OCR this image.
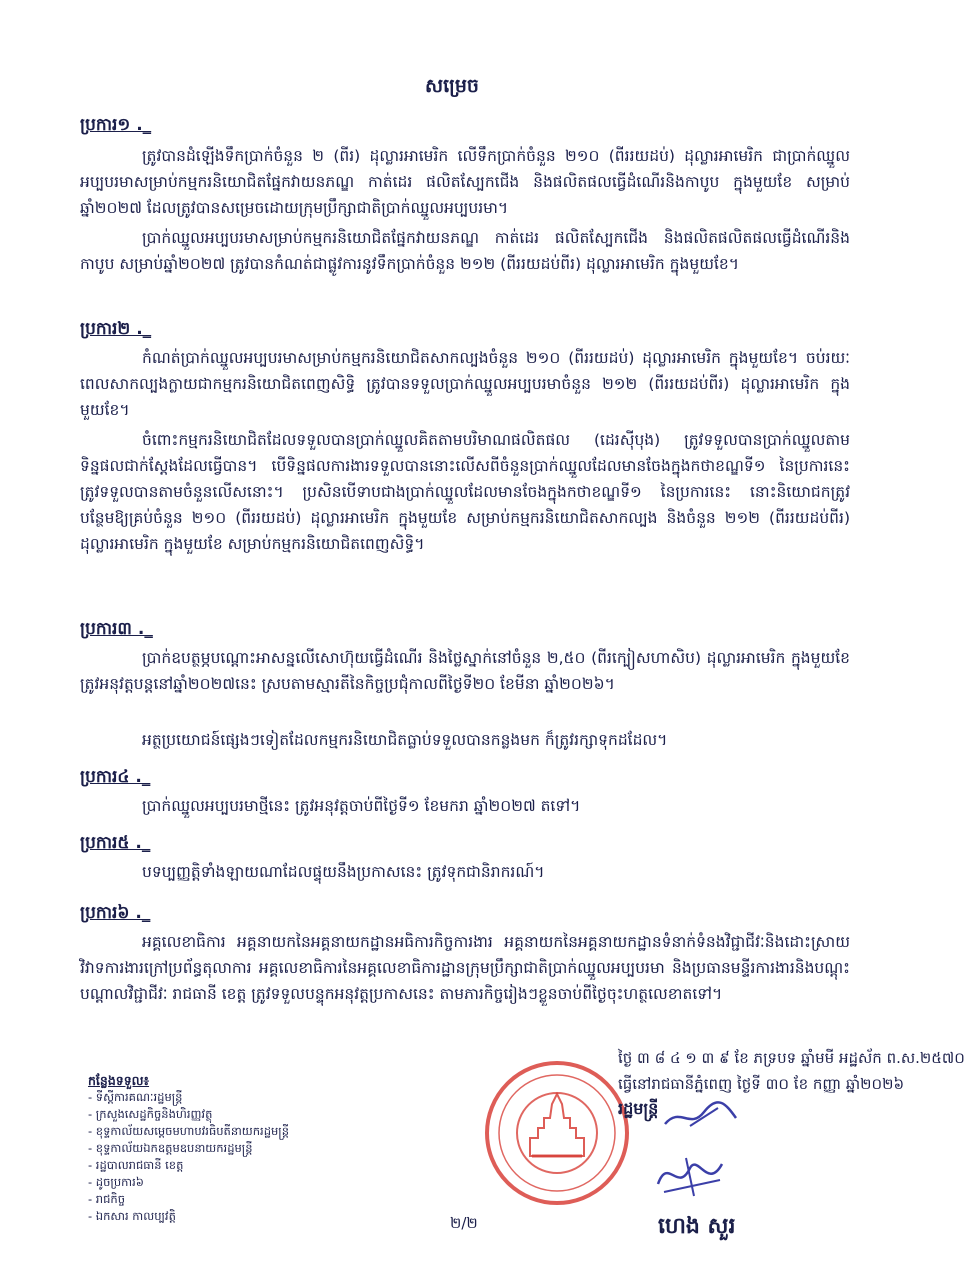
សម្រេច
ប្រការ១ ._

ត្រូវបានដំឡើងទឹកប្រាក់ចំនួន ២ (ពីរ) ដុល្លារអាមេរិក លើទឹកប្រាក់ចំនួន ២១០ (ពីររយដប់) ដុល្លារអាមេរិក ជាប្រាក់ឈ្នួលអប្បបរមាសម្រាប់កម្មករនិយោជិតផ្នែកវាយនភណ្ឌ កាត់ដេរ ផលិតស្បែកជើង និងផលិតផលធ្វើដំណើរនិងកាបូប ក្នុងមួយខែ សម្រាប់ឆ្នាំ២០២៧ ដែលត្រូវបានសម្រេចដោយក្រុមប្រឹក្សាជាតិប្រាក់ឈ្នួលអប្បបរមា។

ប្រាក់ឈ្នួលអប្បបរមាសម្រាប់កម្មករនិយោជិតផ្នែកវាយនភណ្ឌ កាត់ដេរ ផលិតស្បែកជើង និងផលិតផលិតផលធ្វើដំណើរនិងកាបូប សម្រាប់ឆ្នាំ២០២៧ ត្រូវបានកំណត់ជាផ្លូវការនូវទឹកប្រាក់ចំនួន ២១២ (ពីររយដប់ពីរ) ដុល្លារអាមេរិក ក្នុងមួយខែ។

ប្រការ២ ._

កំណត់ប្រាក់ឈ្នួលអប្បបរមាសម្រាប់កម្មករនិយោជិតសាកល្បងចំនួន ២១០ (ពីររយដប់) ដុល្លារអាមេរិក ក្នុងមួយខែ។ ចប់រយៈពេលសាកល្បងក្លាយជាកម្មករនិយោជិតពេញសិទ្ធិ ត្រូវបានទទួលប្រាក់ឈ្នួលអប្បបរមាចំនួន ២១២ (ពីររយដប់ពីរ) ដុល្លារអាមេរិក ក្នុងមួយខែ។

ចំពោះកម្មករនិយោជិតដែលទទួលបានប្រាក់ឈ្នួលគិតតាមបរិមាណផលិតផល (ដេរស៊ីបុង) ត្រូវទទួលបានប្រាក់ឈ្នួលតាមទិន្នផលជាក់ស្តែងដែលធ្វើបាន។ បើទិន្នផលការងារទទួលបាននោះលើសពីចំនួនប្រាក់ឈ្នួលដែលមានចែងក្នុងកថាខណ្ឌទី១ នៃប្រការនេះ ត្រូវទទួលបានតាមចំនួនលើសនោះ។ ប្រសិនបើទាបជាងប្រាក់ឈ្នួលដែលមានចែងក្នុងកថាខណ្ឌទី១ នៃប្រការនេះ នោះនិយោជកត្រូវបន្ថែមឱ្យគ្រប់ចំនួន ២១០ (ពីររយដប់) ដុល្លារអាមេរិក ក្នុងមួយខែ សម្រាប់កម្មករនិយោជិតសាកល្បង និងចំនួន ២១២ (ពីររយដប់ពីរ) ដុល្លារអាមេរិក ក្នុងមួយខែ សម្រាប់កម្មករនិយោជិតពេញសិទ្ធិ។

ប្រការ៣ ._

ប្រាក់ឧបត្ថម្ភបណ្ដោះអាសន្នលើសោហ៊ុយធ្វើដំណើរ និងថ្លៃស្នាក់នៅចំនួន ២,៥០ (ពីរក្បៀសហាសិប) ដុល្លារអាមេរិក ក្នុងមួយខែ ត្រូវអនុវត្តបន្តនៅឆ្នាំ២០២៧នេះ ស្របតាមស្មារតីនៃកិច្ចប្រជុំកាលពីថ្ងៃទី២០ ខែមីនា ឆ្នាំ២០២៦។

អត្ថប្រយោជន៍ផ្សេងៗទៀតដែលកម្មករនិយោជិតធ្លាប់ទទួលបានកន្លងមក ក៏ត្រូវរក្សាទុកដដែល។

ប្រការ៤ ._

ប្រាក់ឈ្នួលអប្បបរមាថ្មីនេះ ត្រូវអនុវត្តចាប់ពីថ្ងៃទី១ ខែមករា ឆ្នាំ២០២៧ តទៅ។

ប្រការ៥ ._

បទប្បញ្ញត្តិទាំងឡាយណាដែលផ្ទុយនឹងប្រកាសនេះ ត្រូវទុកជានិរាករណ៍។

ប្រការ៦ ._

អគ្គលេខាធិការ អគ្គនាយកនៃអគ្គនាយកដ្ឋានអធិការកិច្ចការងារ អគ្គនាយកនៃអគ្គនាយកដ្ឋានទំនាក់ទំនងវិជ្ជាជីវៈនិងដោះស្រាយវិវាទការងារក្រៅប្រព័ន្ធតុលាការ អគ្គលេខាធិការនៃអគ្គលេខាធិការដ្ឋានក្រុមប្រឹក្សាជាតិប្រាក់ឈ្នួលអប្បបរមា និងប្រធានមន្ទីរការងារនិងបណ្ដុះបណ្ដាលវិជ្ជាជីវៈ រាជធានី ខេត្ត ត្រូវទទួលបន្ទុកអនុវត្តប្រកាសនេះ តាមភារកិច្ចរៀងៗខ្លួនចាប់ពីថ្ងៃចុះហត្ថលេខាតទៅ។

ថ្ងៃ ៣ ៨ ៤ ១ ៣ ៩ ខែ ភទ្របទ ឆ្នាំមមី អដ្ឋស័ក ព.ស.២៥៧០
ធ្វើនៅរាជធានីភ្នំពេញ ថ្ងៃទី ៣០ ខែ កញ្ញា ឆ្នាំ២០២៦
រដ្ឋមន្ត្រី
ហេង សួរ
២/២
កន្លែងទទួល៖
- ទីស្តីការគណៈរដ្ឋមន្ត្រី
- ក្រសួងសេដ្ឋកិច្ចនិងហិរញ្ញវត្ថុ
- ខុទ្ទកាល័យសម្ដេចមហាបវរធិបតីនាយករដ្ឋមន្ត្រី
- ខុទ្ទកាល័យឯកឧត្តមឧបនាយករដ្ឋមន្ត្រី
- រដ្ឋបាលរាជធានី ខេត្ត
- ដូចប្រការ៦
- រាជកិច្ច
- ឯកសារ កាលប្បវត្តិ
